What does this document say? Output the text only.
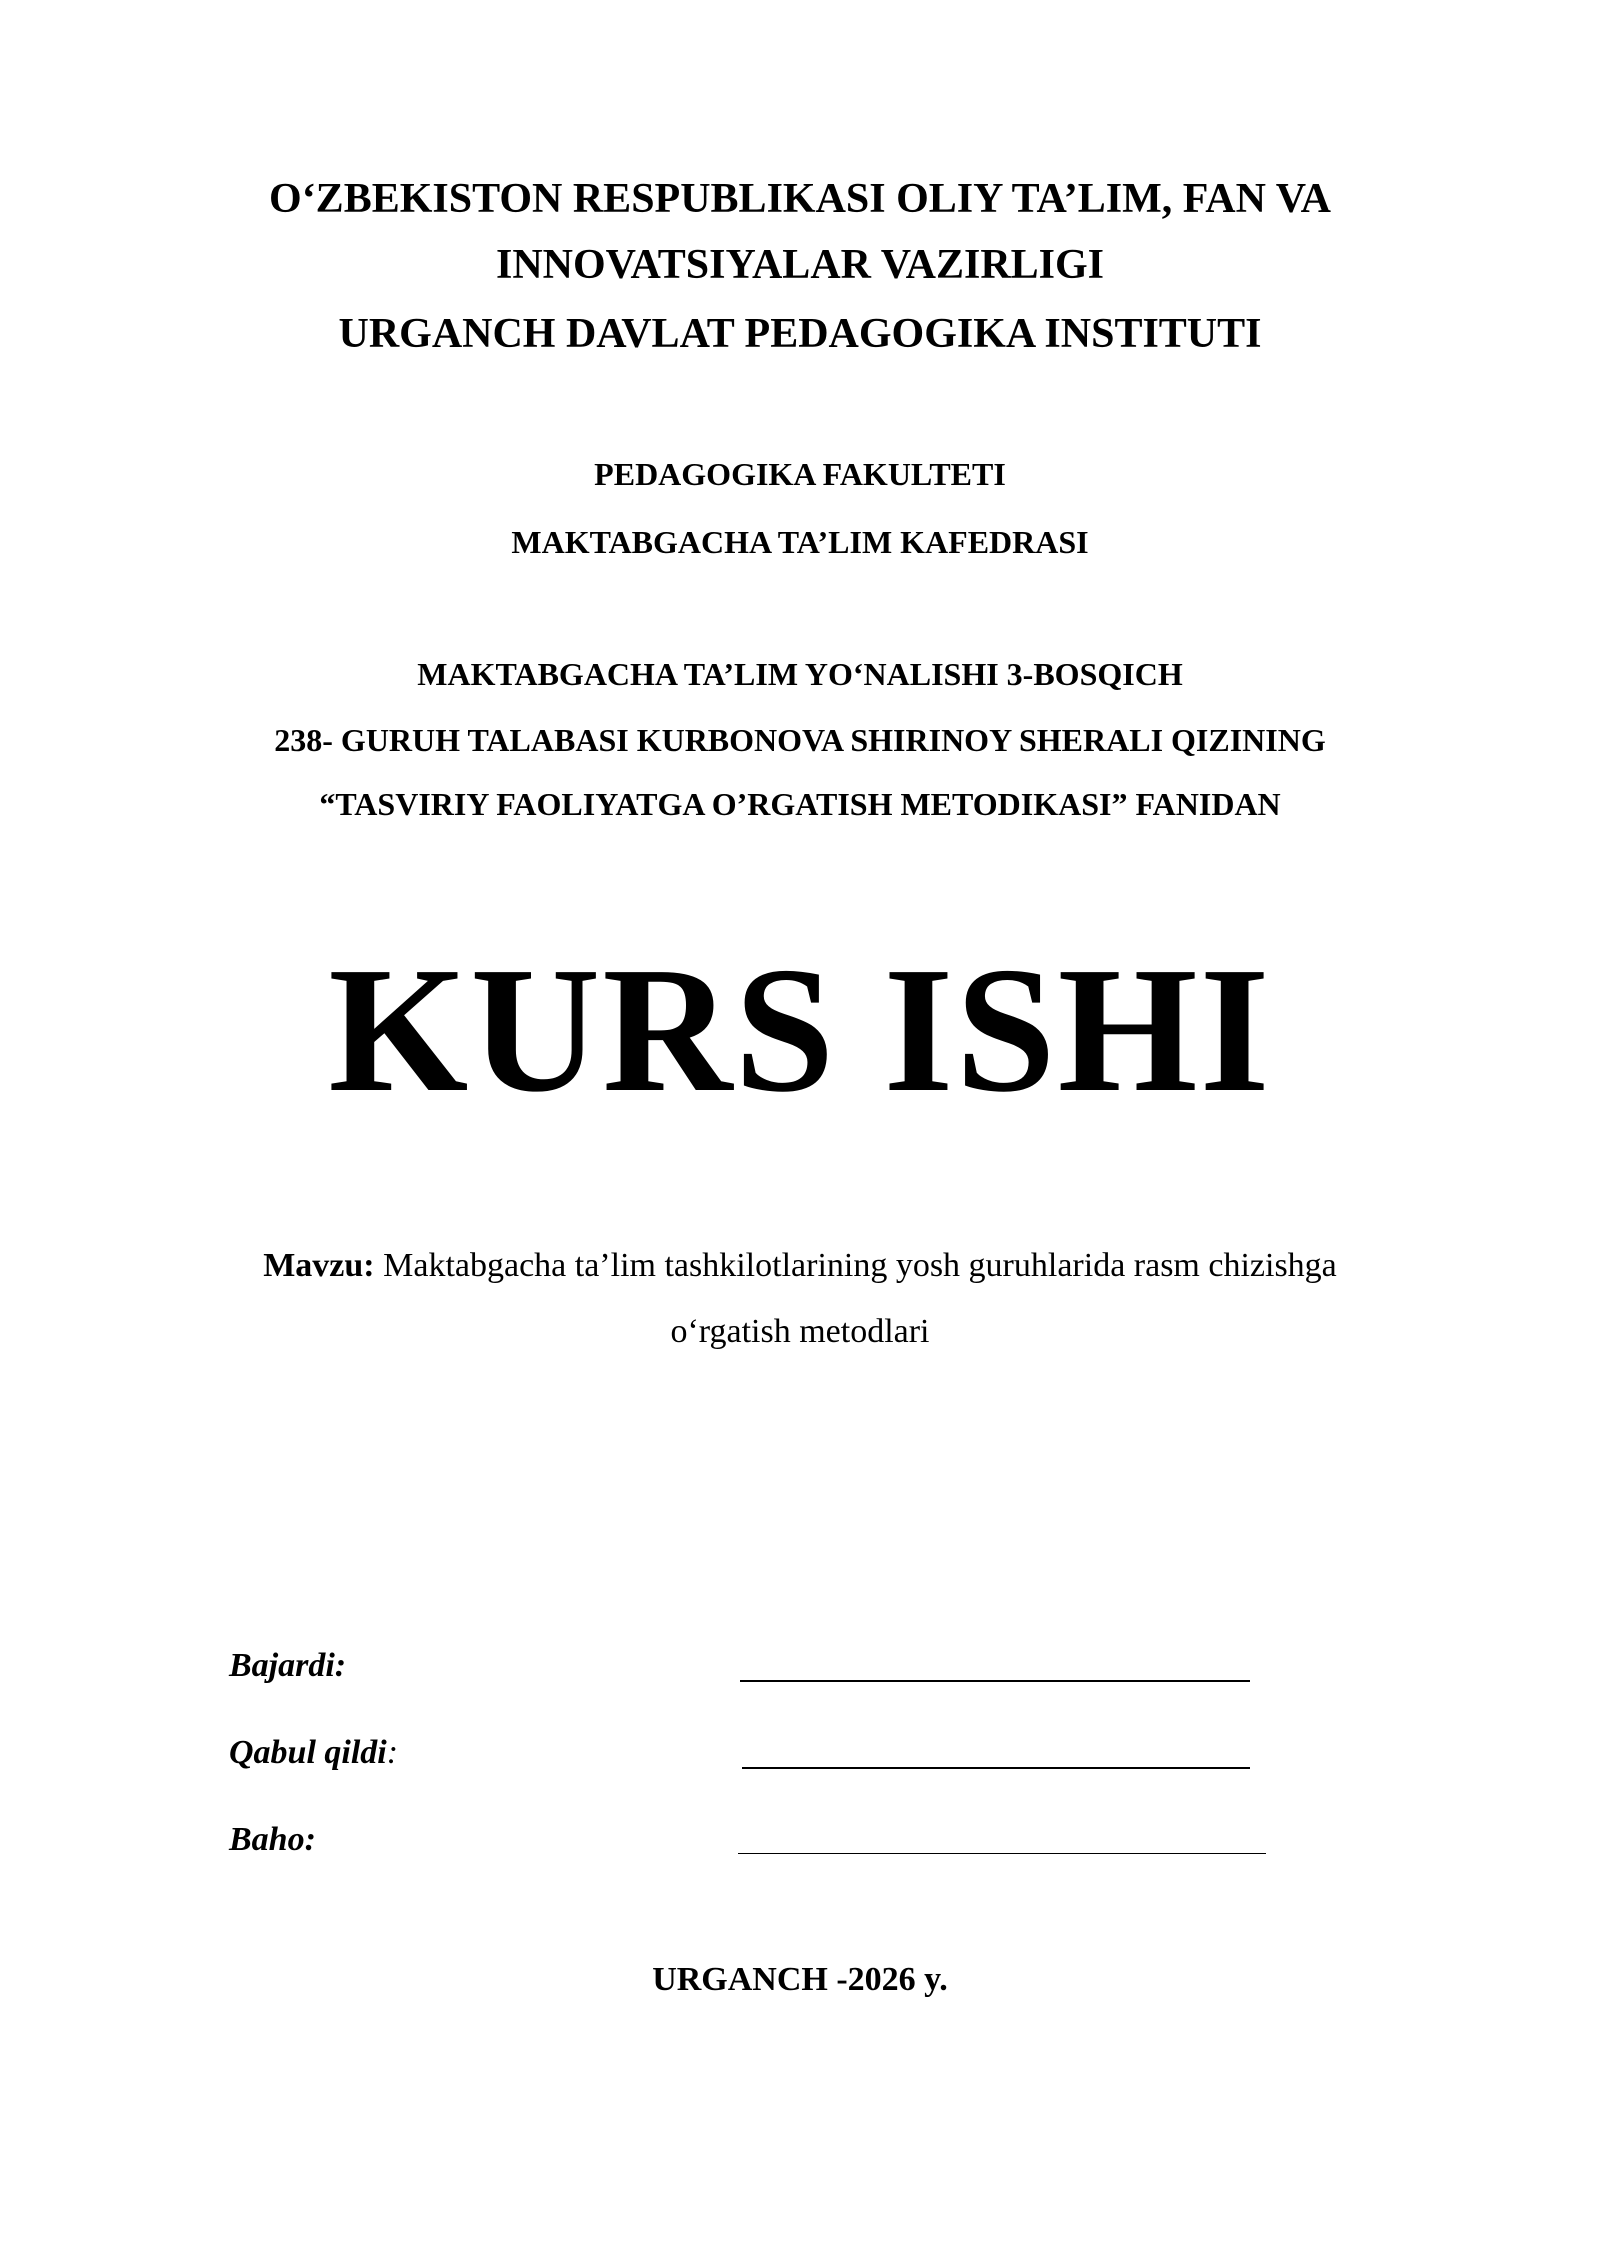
O‘ZBEKISTON RESPUBLIKASI OLIY TA’LIM, FAN VA
INNOVATSIYALAR VAZIRLIGI
URGANCH DAVLAT PEDAGOGIKA INSTITUTI
PEDAGOGIKA FAKULTETI
MAKTABGACHA TA’LIM KAFEDRASI
MAKTABGACHA TA’LIM YO‘NALISHI 3-BOSQICH
238- GURUH TALABASI KURBONOVA SHIRINOY SHERALI QIZINING
“TASVIRIY FAOLIYATGA O’RGATISH METODIKASI” FANIDAN
KURS ISHI
Mavzu: Maktabgacha ta’lim tashkilotlarining yosh guruhlarida rasm chizishga
o‘rgatish metodlari
Bajardi:
Qabul qildi:
Baho:
URGANCH -2026 y.
